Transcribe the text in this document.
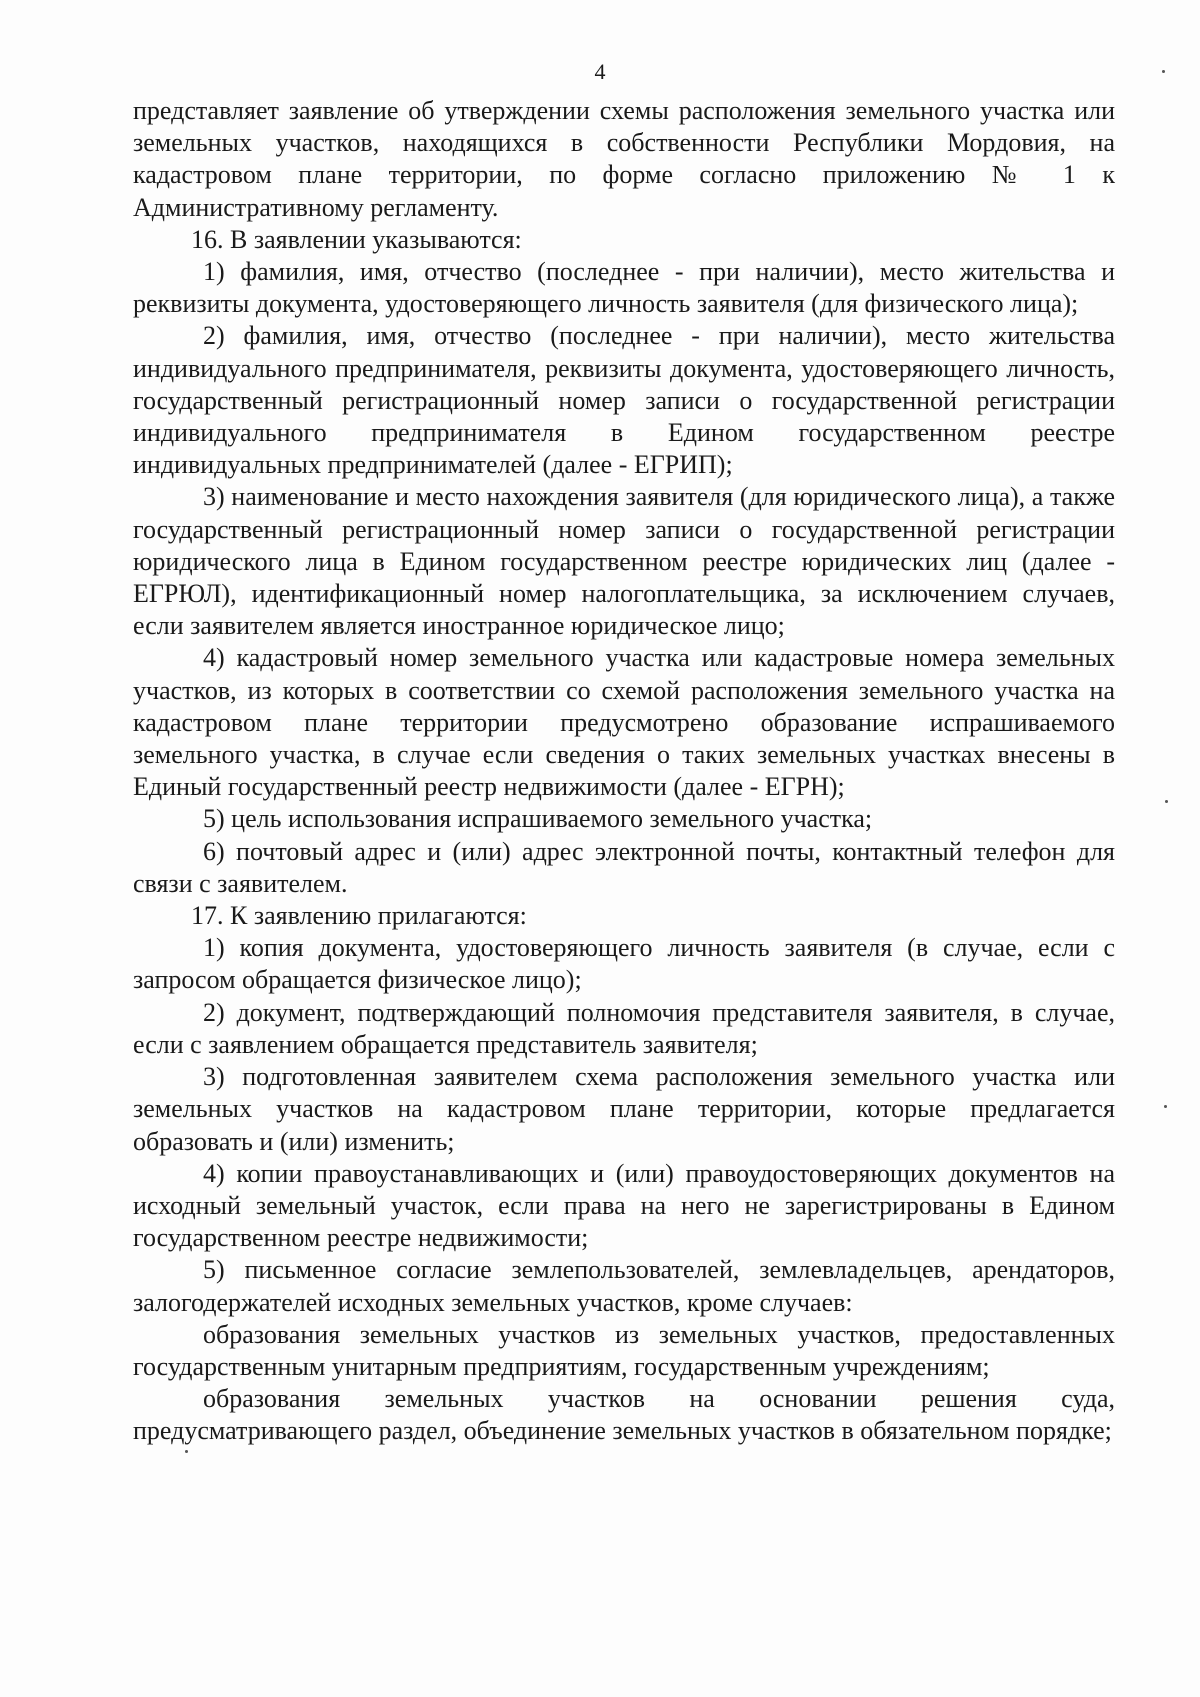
4

представляет заявление об утверждении схемы расположения земельного участка или земельных участков, находящихся в собственности Республики Мордовия, на кадастровом плане территории, по форме согласно приложению № 1 к Административному регламенту.

16. В заявлении указываются:

1) фамилия, имя, отчество (последнее - при наличии), место жительства и реквизиты документа, удостоверяющего личность заявителя (для физического лица);

2) фамилия, имя, отчество (последнее - при наличии), место жительства индивидуального предпринимателя, реквизиты документа, удостоверяющего личность, государственный регистрационный номер записи о государственной регистрации индивидуального предпринимателя в Едином государственном реестре индивидуальных предпринимателей (далее - ЕГРИП);

3) наименование и место нахождения заявителя (для юридического лица), а также государственный регистрационный номер записи о государственной регистрации юридического лица в Едином государственном реестре юридических лиц (далее - ЕГРЮЛ), идентификационный номер налогоплательщика, за исключением случаев, если заявителем является иностранное юридическое лицо;

4) кадастровый номер земельного участка или кадастровые номера земельных участков, из которых в соответствии со схемой расположения земельного участка на кадастровом плане территории предусмотрено образование испрашиваемого земельного участка, в случае если сведения о таких земельных участках внесены в Единый государственный реестр недвижимости (далее - ЕГРН);

5) цель использования испрашиваемого земельного участка;

6) почтовый адрес и (или) адрес электронной почты, контактный телефон для связи с заявителем.

17. К заявлению прилагаются:

1) копия документа, удостоверяющего личность заявителя (в случае, если с запросом обращается физическое лицо);

2) документ, подтверждающий полномочия представителя заявителя, в случае, если с заявлением обращается представитель заявителя;

3) подготовленная заявителем схема расположения земельного участка или земельных участков на кадастровом плане территории, которые предлагается образовать и (или) изменить;

4) копии правоустанавливающих и (или) правоудостоверяющих документов на исходный земельный участок, если права на него не зарегистрированы в Едином государственном реестре недвижимости;

5) письменное согласие землепользователей, землевладельцев, арендаторов, залогодержателей исходных земельных участков, кроме случаев:

образования земельных участков из земельных участков, предоставленных государственным унитарным предприятиям, государственным учреждениям;

образования земельных участков на основании решения суда, предусматривающего раздел, объединение земельных участков в обязательном порядке;
